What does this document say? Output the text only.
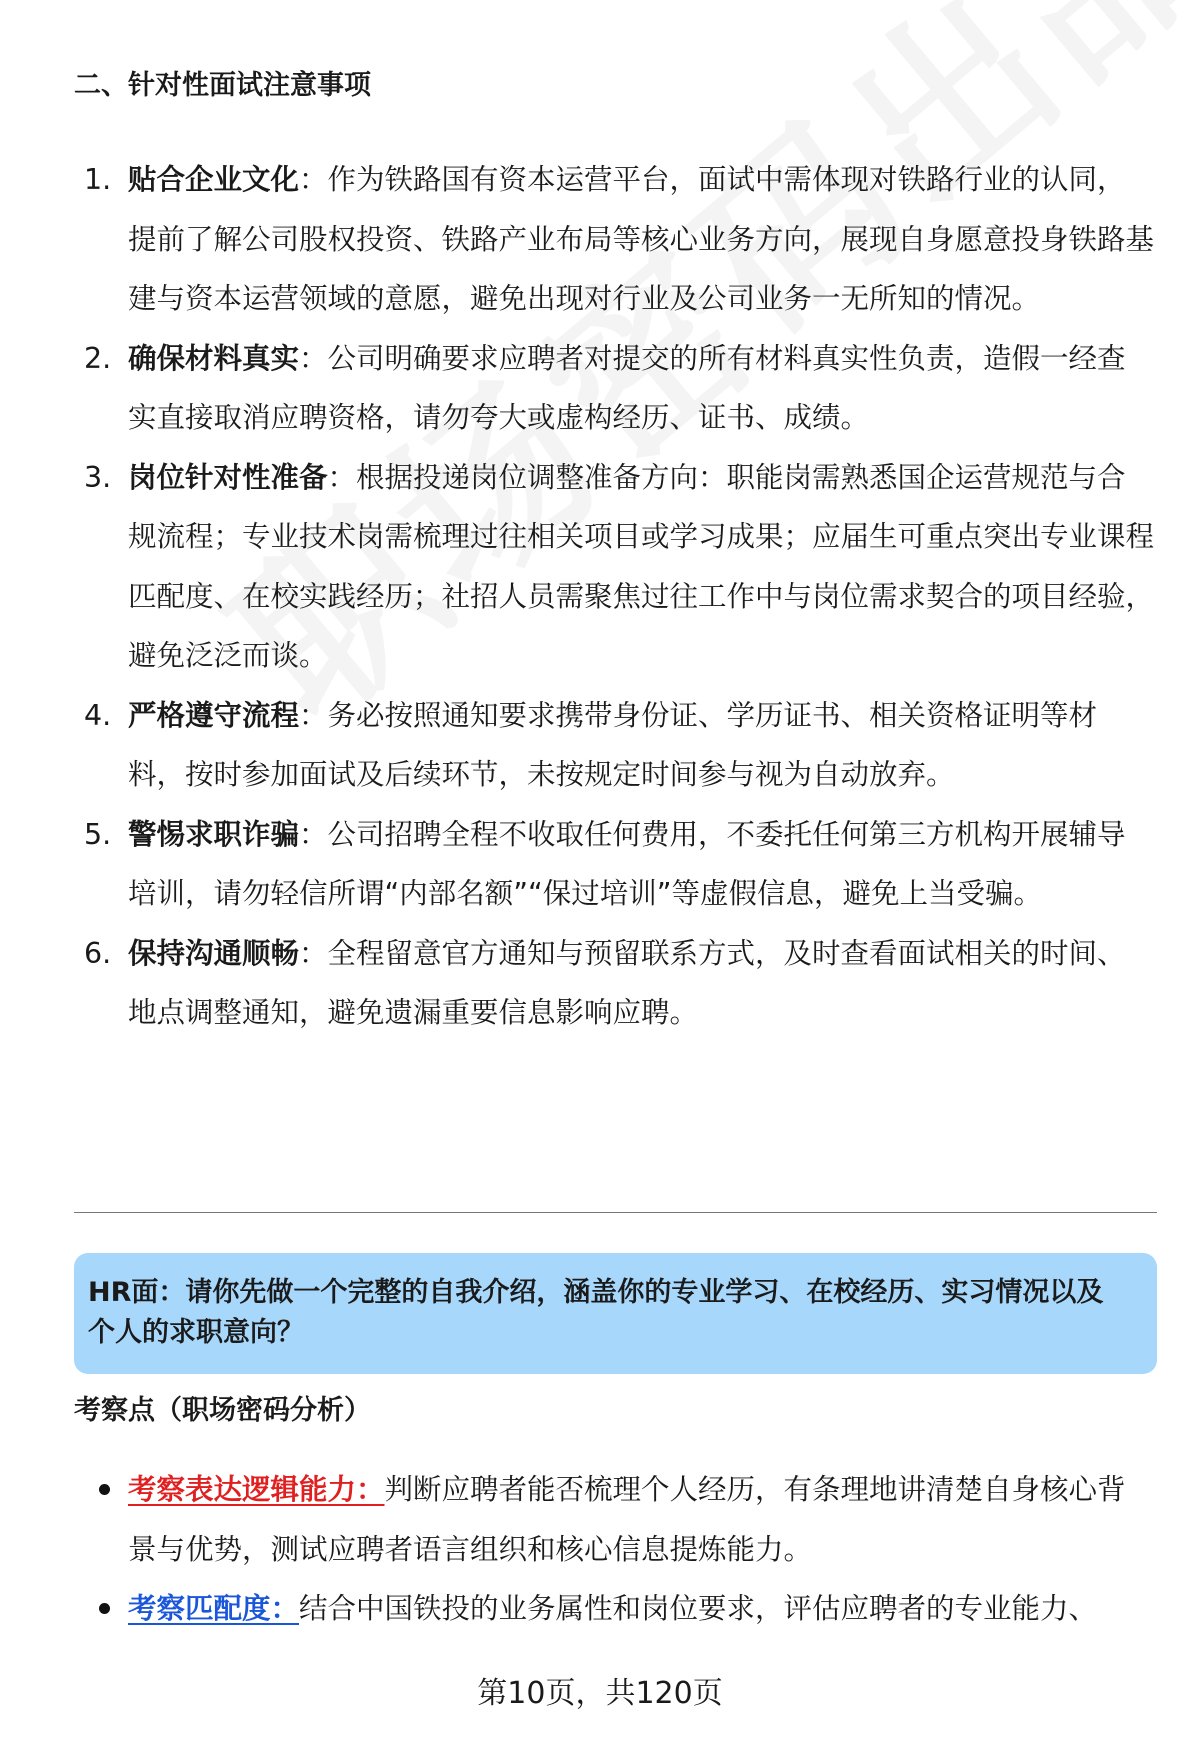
二、针对性面试注意事项
1. 贴合企业文化：作为铁路国有资本运营平台，面试中需体现对铁路行业的认同，提前了解公司股权投资、铁路产业布局等核心业务方向，展现自身愿意投身铁路基建与资本运营领域的意愿，避免出现对行业及公司业务一无所知的情况。
2. 确保材料真实：公司明确要求应聘者对提交的所有材料真实性负责，造假一经查实直接取消应聘资格，请勿夸大或虚构经历、证书、成绩。
3. 岗位针对性准备：根据投递岗位调整准备方向：职能岗需熟悉国企运营规范与合规流程；专业技术岗需梳理过往相关项目或学习成果；应届生可重点突出专业课程匹配度、在校实践经历；社招人员需聚焦过往工作中与岗位需求契合的项目经验，避免泛泛而谈。
4. 严格遵守流程：务必按照通知要求携带身份证、学历证书、相关资格证明等材料，按时参加面试及后续环节，未按规定时间参与视为自动放弃。
5. 警惕求职诈骗：公司招聘全程不收取任何费用，不委托任何第三方机构开展辅导培训，请勿轻信所谓“内部名额”“保过培训”等虚假信息，避免上当受骗。
6. 保持沟通顺畅：全程留意官方通知与预留联系方式，及时查看面试相关的时间、地点调整通知，避免遗漏重要信息影响应聘。
HR面：请你先做一个完整的自我介绍，涵盖你的专业学习、在校经历、实习情况以及个人的求职意向？
考察点（职场密码分析）
考察表达逻辑能力：判断应聘者能否梳理个人经历，有条理地讲清楚自身核心背景与优势，测试应聘者语言组织和核心信息提炼能力。
考察匹配度：结合中国铁投的业务属性和岗位要求，评估应聘者的专业能力、
第10页，共120页
